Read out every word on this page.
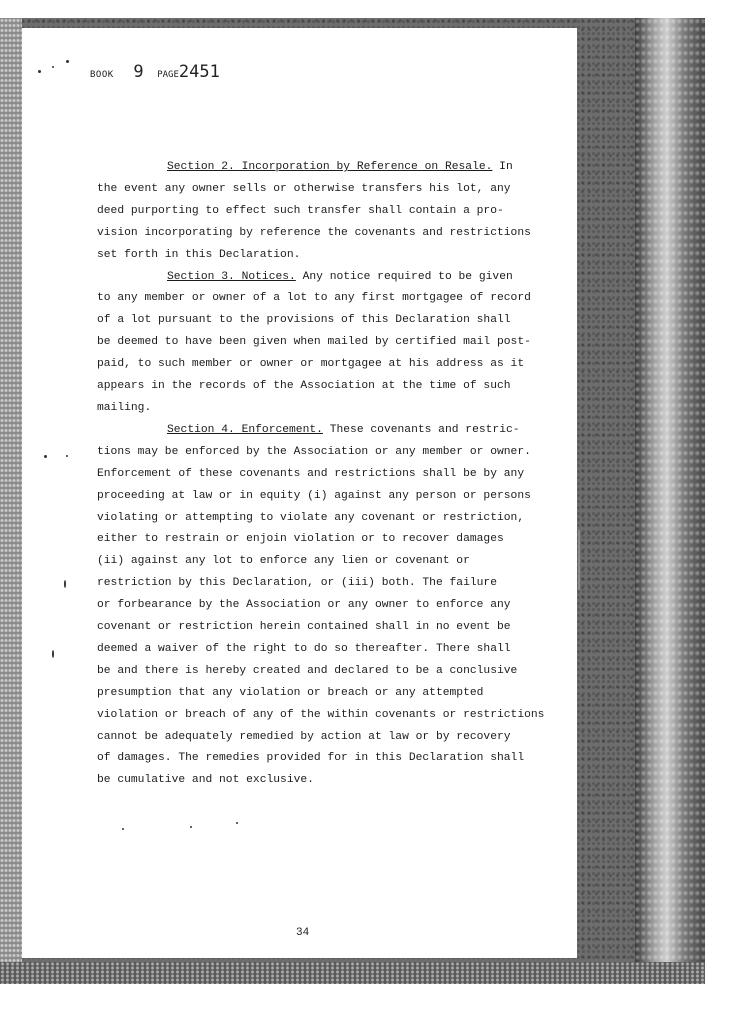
BOOK 9 PAGE2451

Section 2. Incorporation by Reference on Resale. In

the event any owner sells or otherwise transfers his lot, any

deed purporting to effect such transfer shall contain a pro-

vision incorporating by reference the covenants and restrictions

set forth in this Declaration.

Section 3. Notices. Any notice required to be given

to any member or owner of a lot to any first mortgagee of record

of a lot pursuant to the provisions of this Declaration shall

be deemed to have been given when mailed by certified mail post-

paid, to such member or owner or mortgagee at his address as it

appears in the records of the Association at the time of such

mailing.

Section 4. Enforcement. These covenants and restric-

tions may be enforced by the Association or any member or owner.

Enforcement of these covenants and restrictions shall be by any

proceeding at law or in equity (i) against any person or persons

violating or attempting to violate any covenant or restriction,

either to restrain or enjoin violation or to recover damages

(ii) against any lot to enforce any lien or covenant or

restriction by this Declaration, or (iii) both. The failure

or forbearance by the Association or any owner to enforce any

covenant or restriction herein contained shall in no event be

deemed a waiver of the right to do so thereafter. There shall

be and there is hereby created and declared to be a conclusive

presumption that any violation or breach or any attempted

violation or breach of any of the within covenants or restrictions

cannot be adequately remedied by action at law or by recovery

of damages. The remedies provided for in this Declaration shall

be cumulative and not exclusive.

34
